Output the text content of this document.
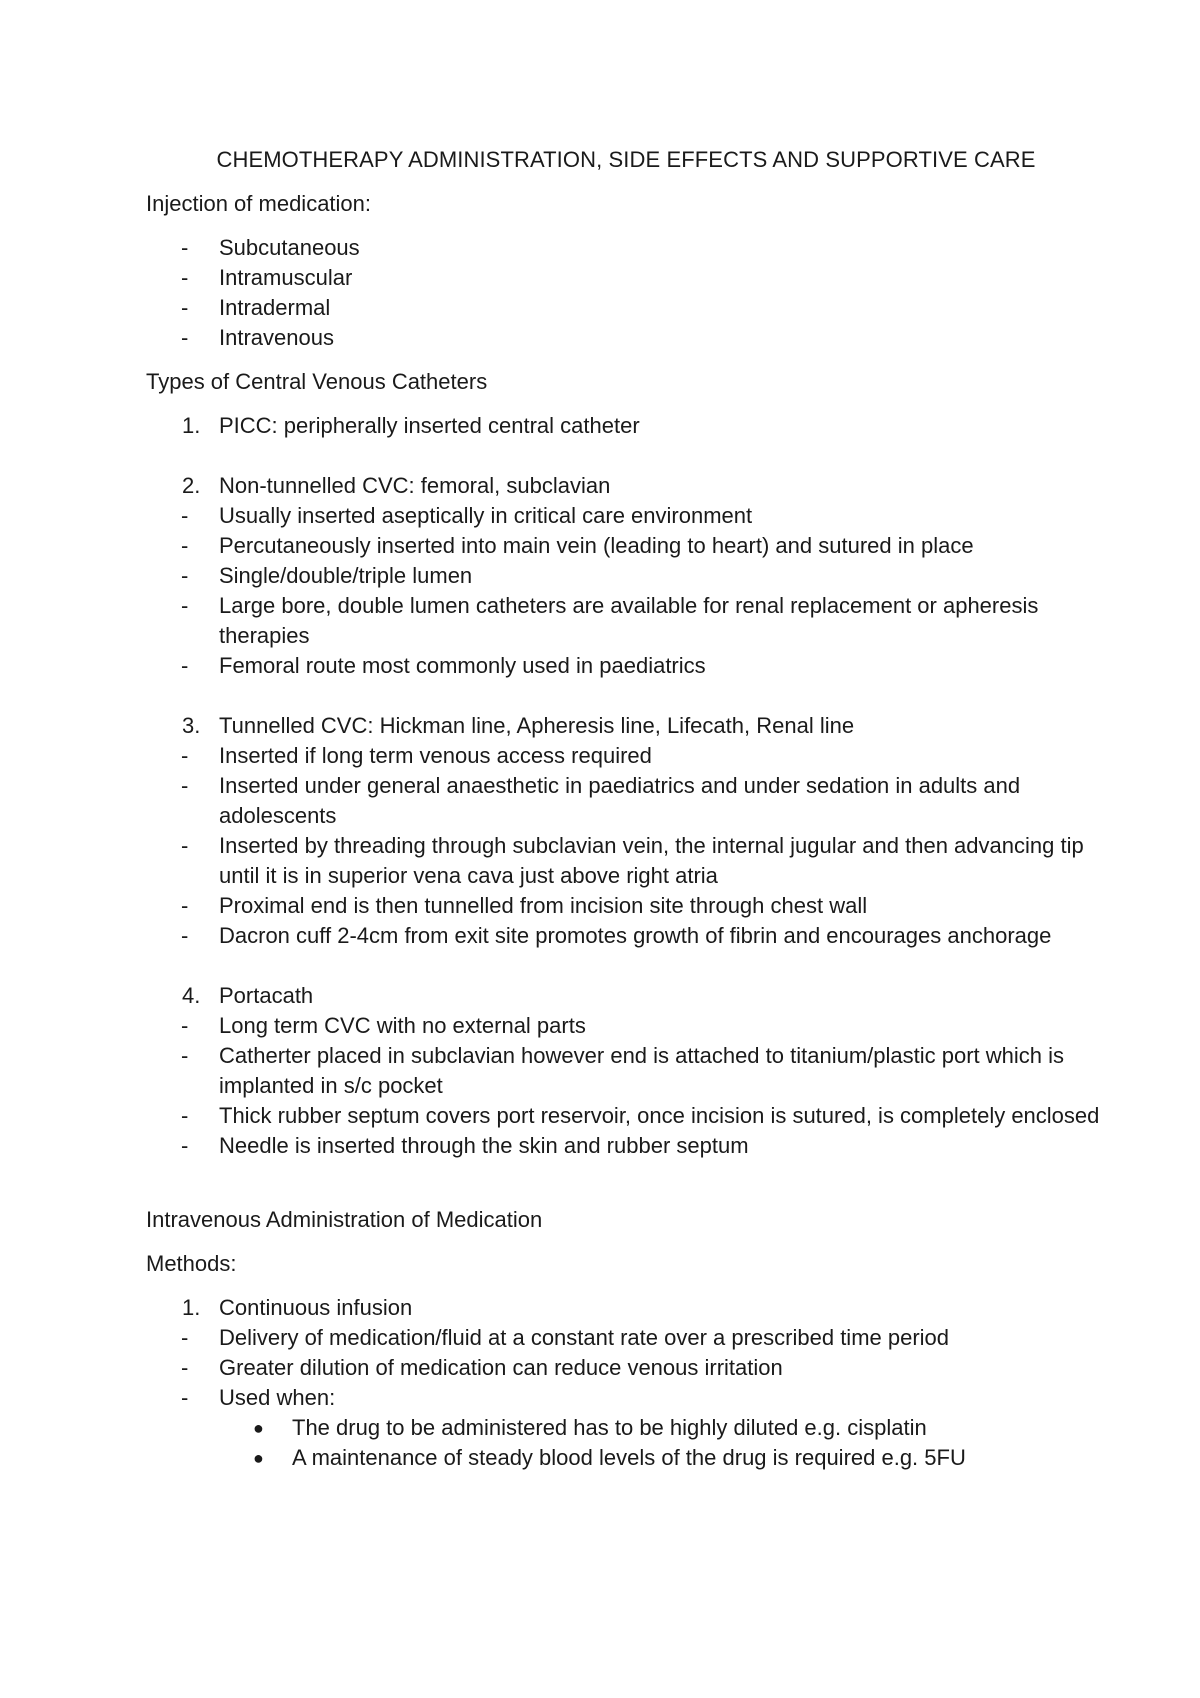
CHEMOTHERAPY ADMINISTRATION, SIDE EFFECTS AND SUPPORTIVE CARE
Injection of medication:
-	Subcutaneous
-	Intramuscular
-	Intradermal
-	Intravenous
Types of Central Venous Catheters
1. PICC: peripherally inserted central catheter
2. Non-tunnelled CVC: femoral, subclavian
-	Usually inserted aseptically in critical care environment
-	Percutaneously inserted into main vein (leading to heart) and sutured in place
-	Single/double/triple lumen
-	Large bore, double lumen catheters are available for renal replacement or apheresis therapies
-	Femoral route most commonly used in paediatrics
3. Tunnelled CVC: Hickman line, Apheresis line, Lifecath, Renal line
-	Inserted if long term venous access required
-	Inserted under general anaesthetic in paediatrics and under sedation in adults and adolescents
-	Inserted by threading through subclavian vein, the internal jugular and then advancing tip until it is in superior vena cava just above right atria
-	Proximal end is then tunnelled from incision site through chest wall
-	Dacron cuff 2-4cm from exit site promotes growth of fibrin and encourages anchorage
4. Portacath
-	Long term CVC with no external parts
-	Catherter placed in subclavian however end is attached to titanium/plastic port which is implanted in s/c pocket
-	Thick rubber septum covers port reservoir, once incision is sutured, is completely enclosed
-	Needle is inserted through the skin and rubber septum
Intravenous Administration of Medication
Methods:
1. Continuous infusion
-	Delivery of medication/fluid at a constant rate over a prescribed time period
-	Greater dilution of medication can reduce venous irritation
-	Used when:
●	The drug to be administered has to be highly diluted e.g. cisplatin
●	A maintenance of steady blood levels of the drug is required e.g. 5FU
